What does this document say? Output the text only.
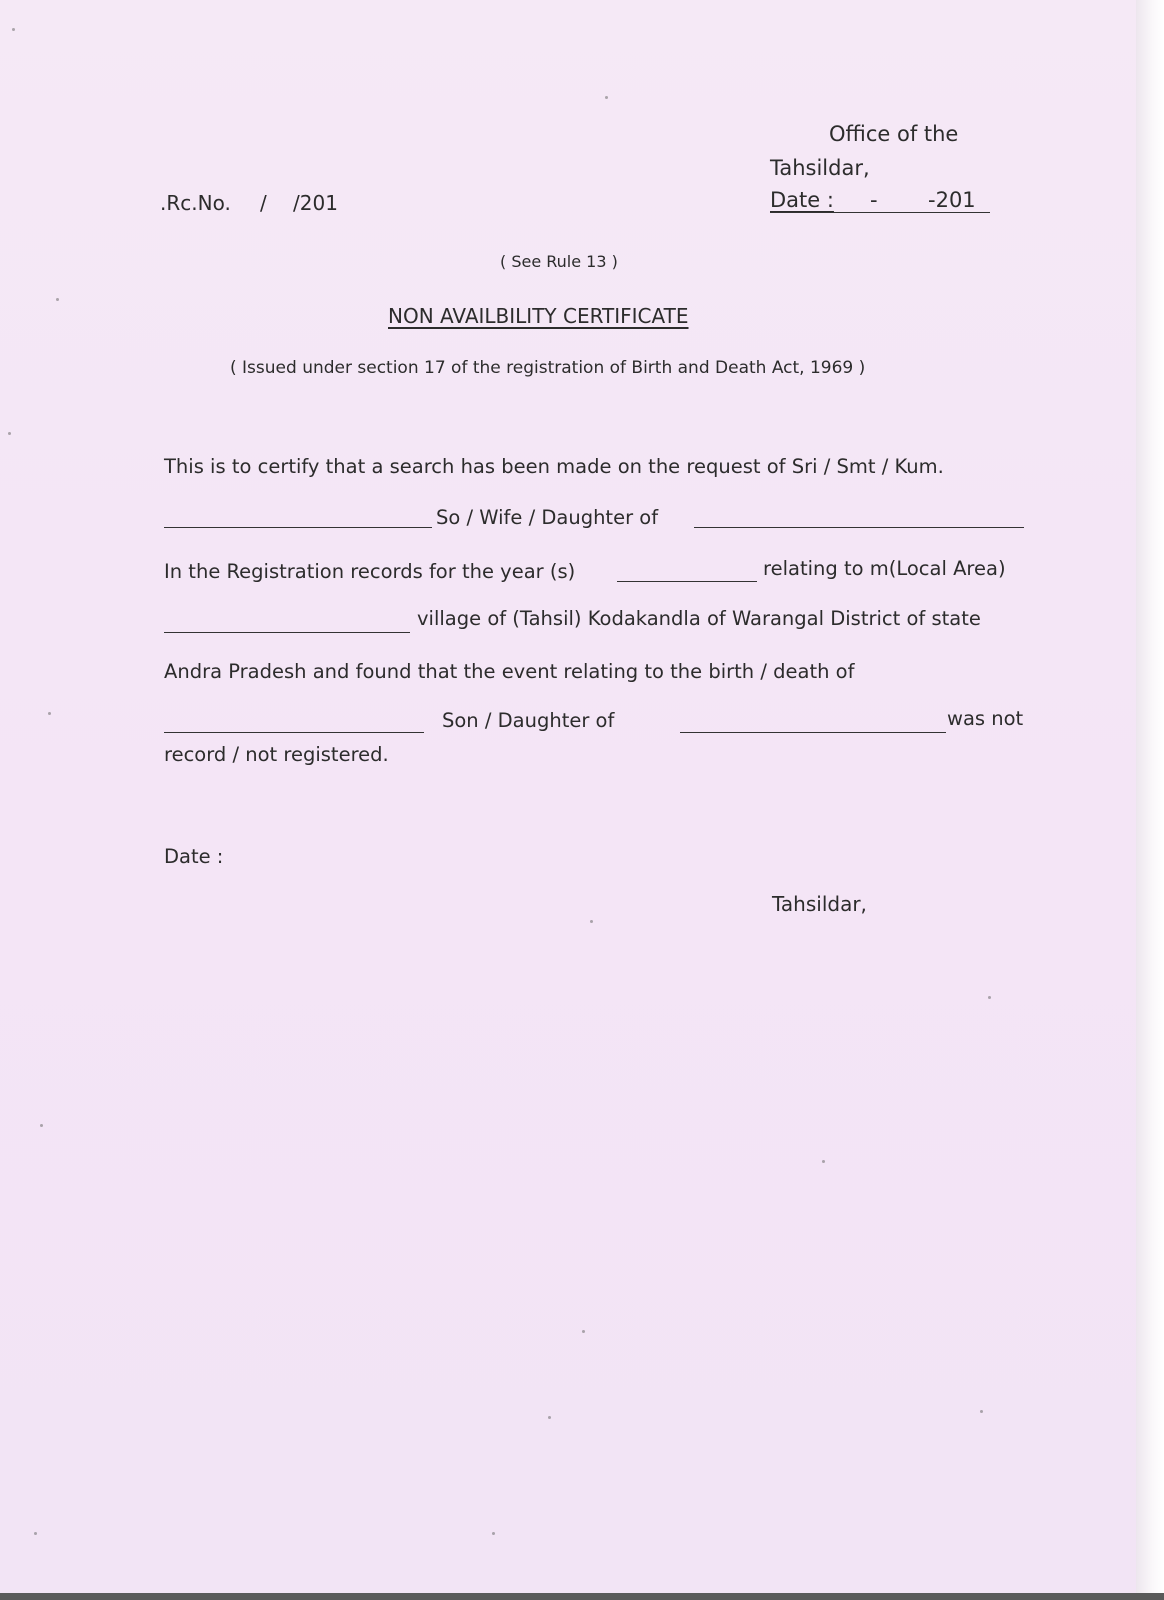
Office of the
Tahsildar,
Date : - -201
.Rc.No. / /201
( See Rule 13 )
NON AVAILBILITY CERTIFICATE
( Issued under section 17 of the registration of Birth and Death Act, 1969 )
This is to certify that a search has been made on the request of Sri / Smt / Kum.
So / Wife / Daughter of
In the Registration records for the year (s)	relating to m(Local Area)
village of (Tahsil) Kodakandla of Warangal District of state
Andra Pradesh and found that the event relating to the birth / death of
Son / Daughter of	was not
record / not registered.
Date :
Tahsildar,
